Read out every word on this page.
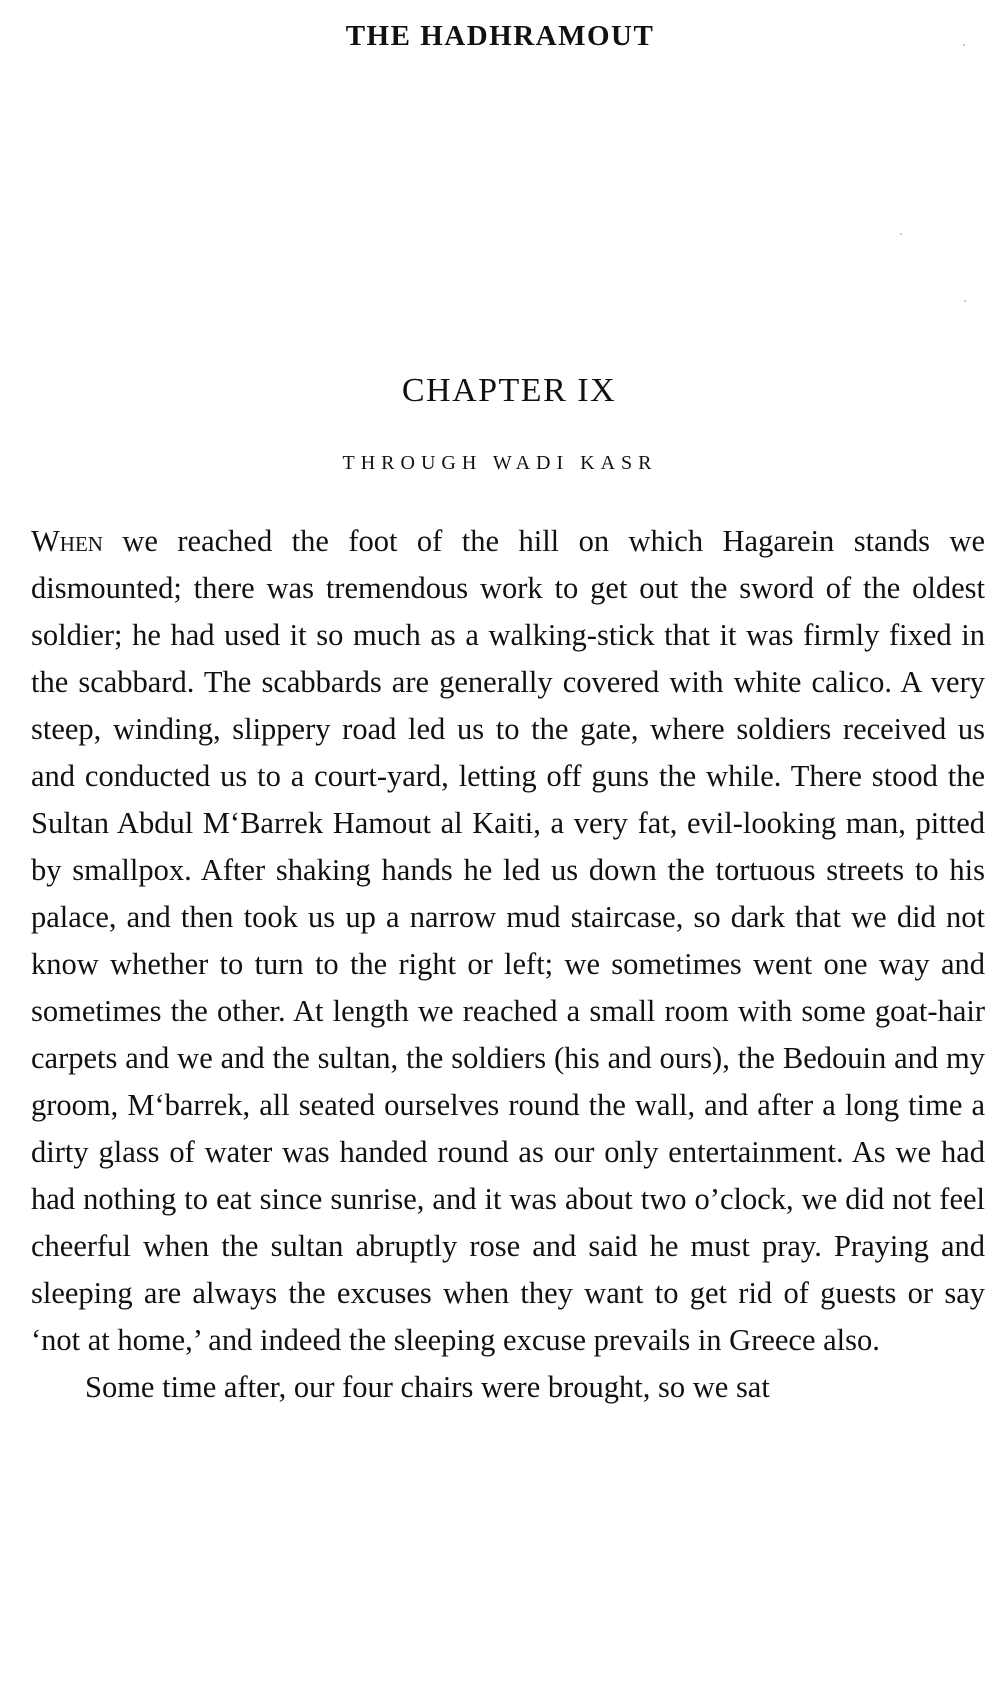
THE HADHRAMOUT
CHAPTER IX
THROUGH WADI KASR

When we reached the foot of the hill on which Hagarein stands we dismounted; there was tremendous work to get out the sword of the oldest soldier; he had used it so much as a walking-stick that it was firmly fixed in the scabbard. The scabbards are generally covered with white calico. A very steep, winding, slippery road led us to the gate, where soldiers received us and conducted us to a court-yard, letting off guns the while. There stood the Sultan Abdul M‘Barrek Hamout al Kaiti, a very fat, evil-looking man, pitted by smallpox. After shaking hands he led us down the tortuous streets to his palace, and then took us up a narrow mud staircase, so dark that we did not know whether to turn to the right or left; we sometimes went one way and sometimes the other. At length we reached a small room with some goat-hair carpets and we and the sultan, the soldiers (his and ours), the Bedouin and my groom, M‘barrek, all seated ourselves round the wall, and after a long time a dirty glass of water was handed round as our only entertainment. As we had had nothing to eat since sunrise, and it was about two o’clock, we did not feel cheerful when the sultan abruptly rose and said he must pray. Praying and sleeping are always the excuses when they want to get rid of guests or say ‘not at home,’ and indeed the sleeping excuse prevails in Greece also.

Some time after, our four chairs were brought, so we sat
